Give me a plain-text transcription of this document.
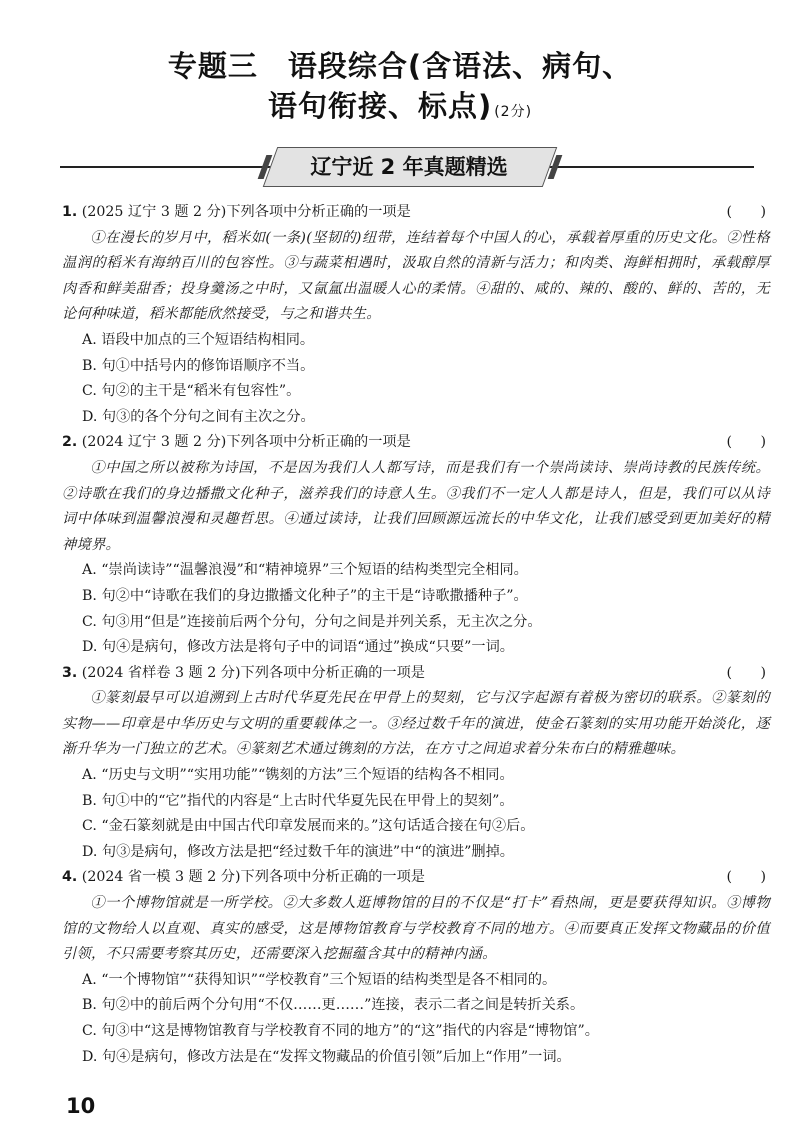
专题三　语段综合(含语法、病句、
语句衔接、标点) (2分)
辽宁近 2 年真题精选
1. (2025 辽宁 3 题 2 分)下列各项中分析正确的一项是	(　　)
①在漫长的岁月中，稻米如(一条)(坚韧的)纽带，连结着每个中国人的心，承载着厚重的历史文化。②性格温润的稻米有海纳百川的包容性。③与蔬菜相遇时，汲取自然的清新与活力；和肉类、海鲜相拥时，承载醇厚肉香和鲜美甜香；投身羹汤之中时，又氤氲出温暖人心的柔情。④甜的、咸的、辣的、酸的、鲜的、苦的，无论何种味道，稻米都能欣然接受，与之和谐共生。
A. 语段中加点的三个短语结构相同。
B. 句①中括号内的修饰语顺序不当。
C. 句②的主干是“稻米有包容性”。
D. 句③的各个分句之间有主次之分。
2. (2024 辽宁 3 题 2 分)下列各项中分析正确的一项是	(　　)
①中国之所以被称为诗国，不是因为我们人人都写诗，而是我们有一个崇尚读诗、崇尚诗教的民族传统。②诗歌在我们的身边播撒文化种子，滋养我们的诗意人生。③我们不一定人人都是诗人，但是，我们可以从诗词中体味到温馨浪漫和灵趣哲思。④通过读诗，让我们回顾源远流长的中华文化，让我们感受到更加美好的精神境界。
A. “崇尚读诗”“温馨浪漫”和“精神境界”三个短语的结构类型完全相同。
B. 句②中“诗歌在我们的身边撒播文化种子”的主干是“诗歌撒播种子”。
C. 句③用“但是”连接前后两个分句，分句之间是并列关系，无主次之分。
D. 句④是病句，修改方法是将句子中的词语“通过”换成“只要”一词。
3. (2024 省样卷 3 题 2 分)下列各项中分析正确的一项是	(　　)
①篆刻最早可以追溯到上古时代华夏先民在甲骨上的契刻，它与汉字起源有着极为密切的联系。②篆刻的实物——印章是中华历史与文明的重要载体之一。③经过数千年的演进，使金石篆刻的实用功能开始淡化，逐渐升华为一门独立的艺术。④篆刻艺术通过镌刻的方法，在方寸之间追求着分朱布白的精雅趣味。
A. “历史与文明”“实用功能”“镌刻的方法”三个短语的结构各不相同。
B. 句①中的“它”指代的内容是“上古时代华夏先民在甲骨上的契刻”。
C. “金石篆刻就是由中国古代印章发展而来的。”这句话适合接在句②后。
D. 句③是病句，修改方法是把“经过数千年的演进”中“的演进”删掉。
4. (2024 省一模 3 题 2 分)下列各项中分析正确的一项是	(　　)
①一个博物馆就是一所学校。②大多数人逛博物馆的目的不仅是“打卡”看热闹，更是要获得知识。③博物馆的文物给人以直观、真实的感受，这是博物馆教育与学校教育不同的地方。④而要真正发挥文物藏品的价值引领，不只需要考察其历史，还需要深入挖掘蕴含其中的精神内涵。
A. “一个博物馆”“获得知识”“学校教育”三个短语的结构类型是各不相同的。
B. 句②中的前后两个分句用“不仅……更……”连接，表示二者之间是转折关系。
C. 句③中“这是博物馆教育与学校教育不同的地方”的“这”指代的内容是“博物馆”。
D. 句④是病句，修改方法是在“发挥文物藏品的价值引领”后加上“作用”一词。
10
